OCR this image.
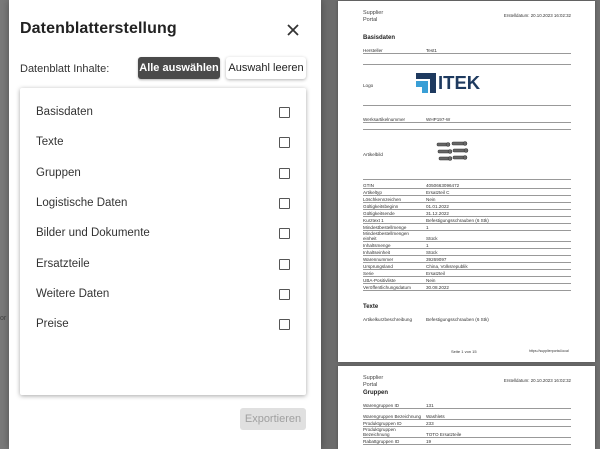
or
Datenblatterstellung
Datenblatt Inhalte:	Alle auswählen Auswahl leeren
Basisdaten
Texte
Gruppen
Logistische Daten
Bilder und Dokumente
Ersatzteile
Weitere Daten
Preise
Exportieren
Supplier
Portal
Erstelldatum: 20.10.2023 16:02:32
Basisdaten
Hersteller	Test1
Logo	ITEK
Werksartikelnummer	WHP197-W
Artikelbild
GTIN	4050663096472
Artikeltyp	Ersatzteil C
Löschkennzeichen	Nein
Gültigkeitsbeginn	01.01.2022
Gültigkeitsende	31.12.2022
Kurztext 1	Befestigungsschrauben (6 Stk)
Mindestbestellmenge	1
Mindestbestellmengen einheit	Stück
Inhaltsmenge	1
Inhaltseinheit	Stück
Warennummer	39269097
Ursprungsland	China, Volksrepublik
Serie	Ersatzteil
UBA-Positivliste	Nein
Veröffentlichungsdatum	30.08.2022
Texte
Artikelkurzbeschreibung	Befestigungsschrauben (6 Stk)
Seite 1 von 15	https://supplierportal.local
Supplier
Portal
Erstelldatum: 20.10.2023 16:02:32
Gruppen
Warengruppen ID	131
Warengruppen Bezeichnung	Washlets
Produktgruppen ID	233
Produktgruppen Bezeichnung	TOTO Ersatzteile
Rabattgruppen ID	19
